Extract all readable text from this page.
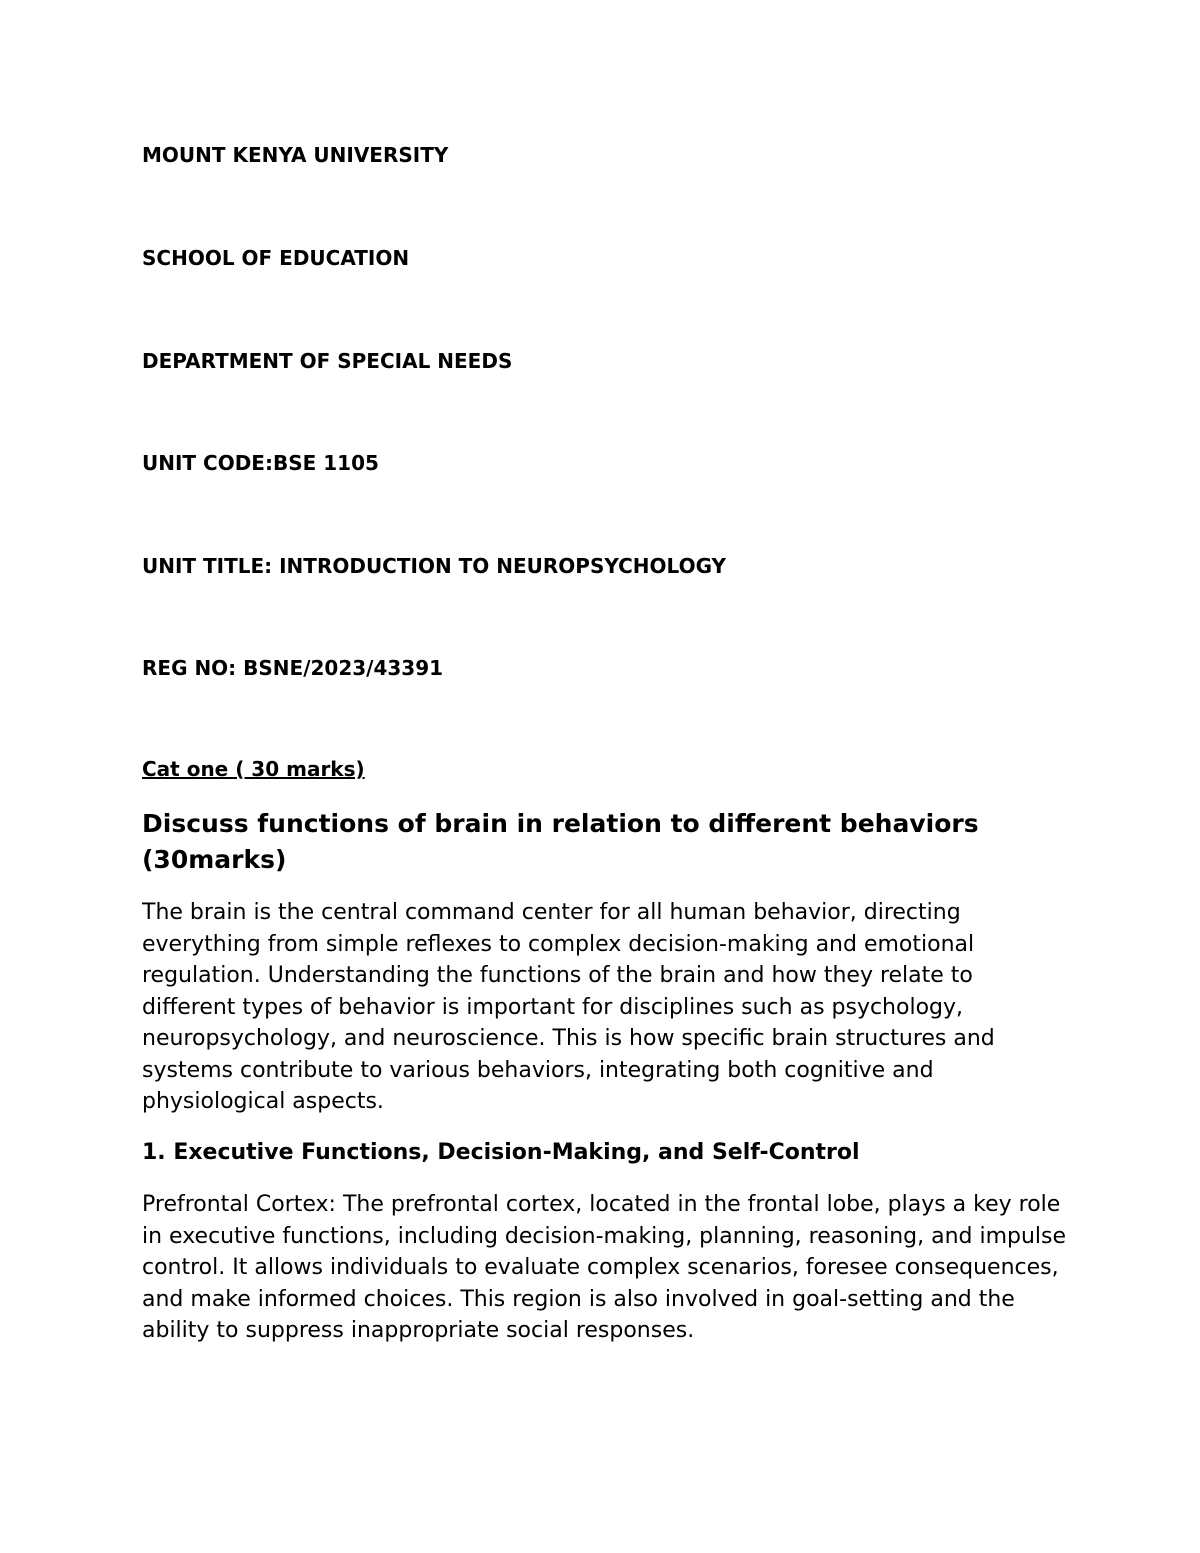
MOUNT KENYA UNIVERSITY

SCHOOL OF EDUCATION

DEPARTMENT OF SPECIAL NEEDS

UNIT CODE:BSE 1105

UNIT TITLE: INTRODUCTION TO NEUROPSYCHOLOGY

REG NO: BSNE/2023/43391

Cat one ( 30 marks)

Discuss functions of brain in relation to different behaviors (30marks)

The brain is the central command center for all human behavior, directing everything from simple reflexes to complex decision-making and emotional regulation. Understanding the functions of the brain and how they relate to different types of behavior is important for disciplines such as psychology, neuropsychology, and neuroscience. This is how specific brain structures and systems contribute to various behaviors, integrating both cognitive and physiological aspects.

1. Executive Functions, Decision-Making, and Self-Control

Prefrontal Cortex: The prefrontal cortex, located in the frontal lobe, plays a key role in executive functions, including decision-making, planning, reasoning, and impulse control. It allows individuals to evaluate complex scenarios, foresee consequences, and make informed choices. This region is also involved in goal-setting and the ability to suppress inappropriate social responses.
